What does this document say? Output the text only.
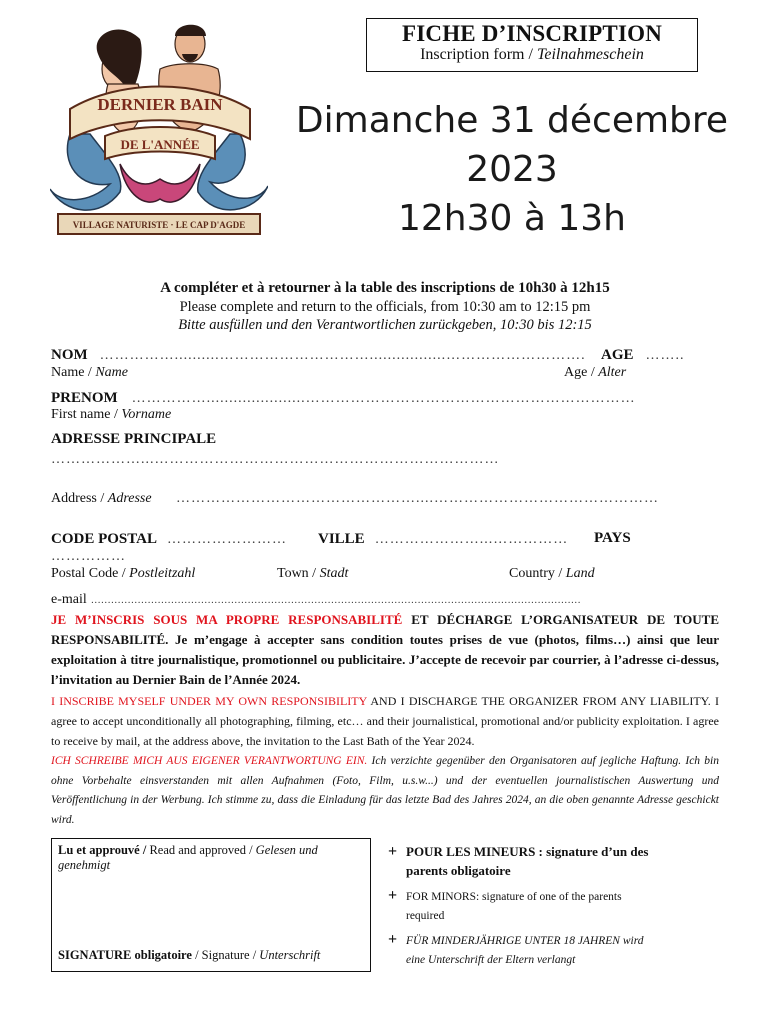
DERNIER BAIN
DE L'ANNÉE
VILLAGE NATURISTE · LE CAP D'AGDE
FICHE D’INSCRIPTION
Inscription form / Teilnahmeschein
Dimanche 31 décembre
2023
12h30 à 13h
A compléter et à retourner à la table des inscriptions de 10h30 à 12h15
Please complete and return to the officials, from 10:30 am to 12:15 pm
Bitte ausfüllen und den Verantwortlichen zurückgeben, 10:30 bis 12:15
NOM ……………..........………………………….................………………………. AGE ……..
Name / Name	Age / Alter
PRENOM ……………......................…………………………………………………………
First name / Vorname
ADRESSE PRINCIPALE
………………...……………………………………………………………
Address / Adresse …………………………………………....………………………………………
CODE POSTAL …………………… VILLE …………………...…………… PAYS
……………
Postal Code / Postleitzahl	Town / Stadt	Country / Land
e-mail …………………………………………………………………………………………………………………………………
JE M’INSCRIS SOUS MA PROPRE RESPONSABILITÉ ET DÉCHARGE L’ORGANISATEUR DE TOUTE RESPONSABILITÉ. Je m’engage à accepter sans condition toutes prises de vue (photos, films…) ainsi que leur exploitation à titre journalistique, promotionnel ou publicitaire. J’accepte de recevoir par courrier, à l’adresse ci-dessus, l’invitation au Dernier Bain de l’Année 2024.
I INSCRIBE MYSELF UNDER MY OWN RESPONSIBILITY AND I DISCHARGE THE ORGANIZER FROM ANY LIABILITY. I agree to accept unconditionally all photographing, filming, etc… and their journalistical, promotional and/or publicity exploitation. I agree to receive by mail, at the address above, the invitation to the Last Bath of the Year 2024.
ICH SCHREIBE MICH AUS EIGENER VERANTWORTUNG EIN. Ich verzichte gegenüber den Organisatoren auf jegliche Haftung. Ich bin ohne Vorbehalte einsverstanden mit allen Aufnahmen (Foto, Film, u.s.w...) und der eventuellen journalistischen Auswertung und Veröffentlichung in der Werbung. Ich stimme zu, dass die Einladung für das letzte Bad des Jahres 2024, an die oben genannte Adresse geschickt wird.
Lu et approuvé / Read and approved / Gelesen und genehmigt
SIGNATURE obligatoire / Signature / Unterschrift
+ POUR LES MINEURS : signature d’un des
parents obligatoire
+ FOR MINORS: signature of one of the parents
required
+ FÜR MINDERJÄHRIGE UNTER 18 JAHREN wird
eine Unterschrift der Eltern verlangt
